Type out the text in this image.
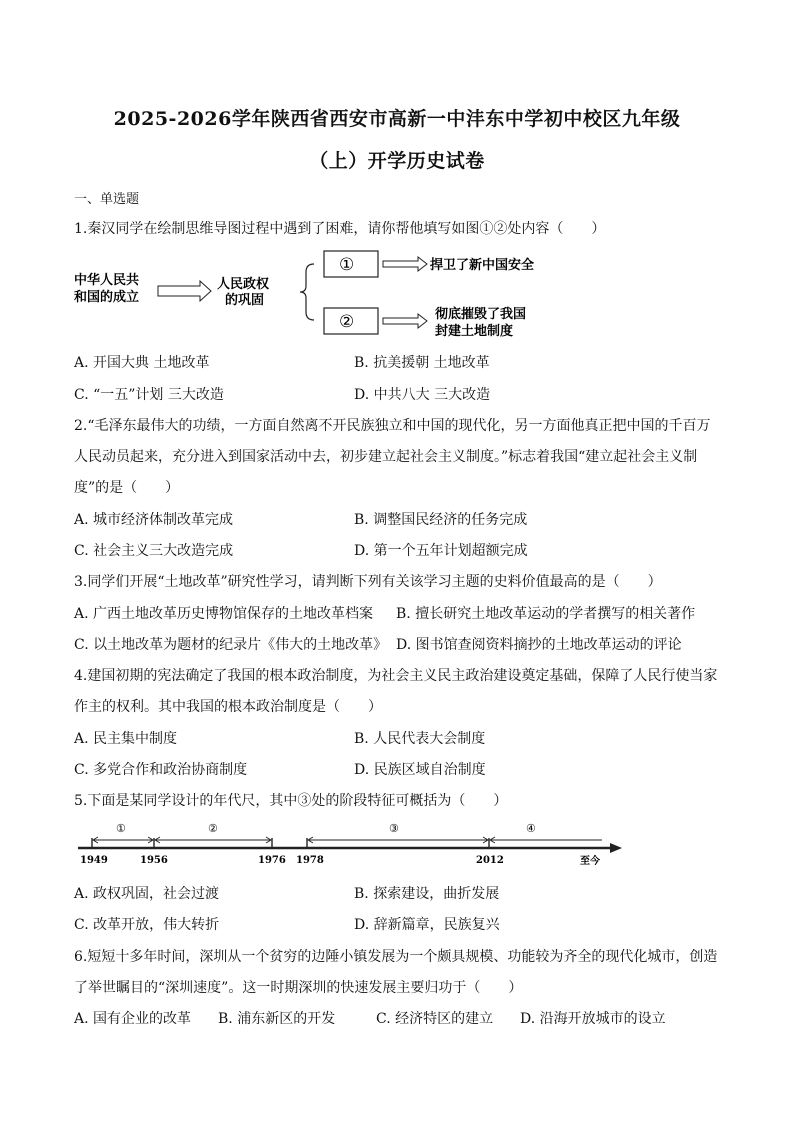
2025-2026学年陕西省西安市高新一中沣东中学初中校区九年级
（上）开学历史试卷
一、单选题
1.秦汉同学在绘制思维导图过程中遇到了困难，请你帮他填写如图①②处内容（　　）
中华人民共
和国的成立
人民政权
的巩固
①	捍卫了新中国安全
②	彻底摧毁了我国
封建土地制度
A. 开国大典 土地改革	B. 抗美援朝 土地改革
C. “一五”计划 三大改造	D. 中共八大 三大改造
2.“毛泽东最伟大的功绩，一方面自然离不开民族独立和中国的现代化，另一方面他真正把中国的千百万
人民动员起来，充分进入到国家活动中去，初步建立起社会主义制度。”标志着我国“建立起社会主义制
度”的是（　　）
A. 城市经济体制改革完成	B. 调整国民经济的任务完成
C. 社会主义三大改造完成	D. 第一个五年计划超额完成
3.同学们开展“土地改革”研究性学习，请判断下列有关该学习主题的史料价值最高的是（　　）
A. 广西土地改革历史博物馆保存的土地改革档案 B. 擅长研究土地改革运动的学者撰写的相关著作
C. 以土地改革为题材的纪录片《伟大的土地改革》 D. 图书馆查阅资料摘抄的土地改革运动的评论
4.建国初期的宪法确定了我国的根本政治制度，为社会主义民主政治建设奠定基础，保障了人民行使当家
作主的权利。其中我国的根本政治制度是（　　）
A. 民主集中制度	B. 人民代表大会制度
C. 多党合作和政治协商制度	D. 民族区域自治制度
5.下面是某同学设计的年代尺，其中③处的阶段特征可概括为（　　）
①	②	③	④
1949	1956	1976 1978	2012	至今
A. 政权巩固，社会过渡	B. 探索建设，曲折发展
C. 改革开放，伟大转折	D. 辞新篇章，民族复兴
6.短短十多年时间，深圳从一个贫穷的边陲小镇发展为一个颇具规模、功能较为齐全的现代化城市，创造
了举世瞩目的“深圳速度”。这一时期深圳的快速发展主要归功于（　　）
A. 国有企业的改革 B. 浦东新区的开发	C. 经济特区的建立 D. 沿海开放城市的设立
